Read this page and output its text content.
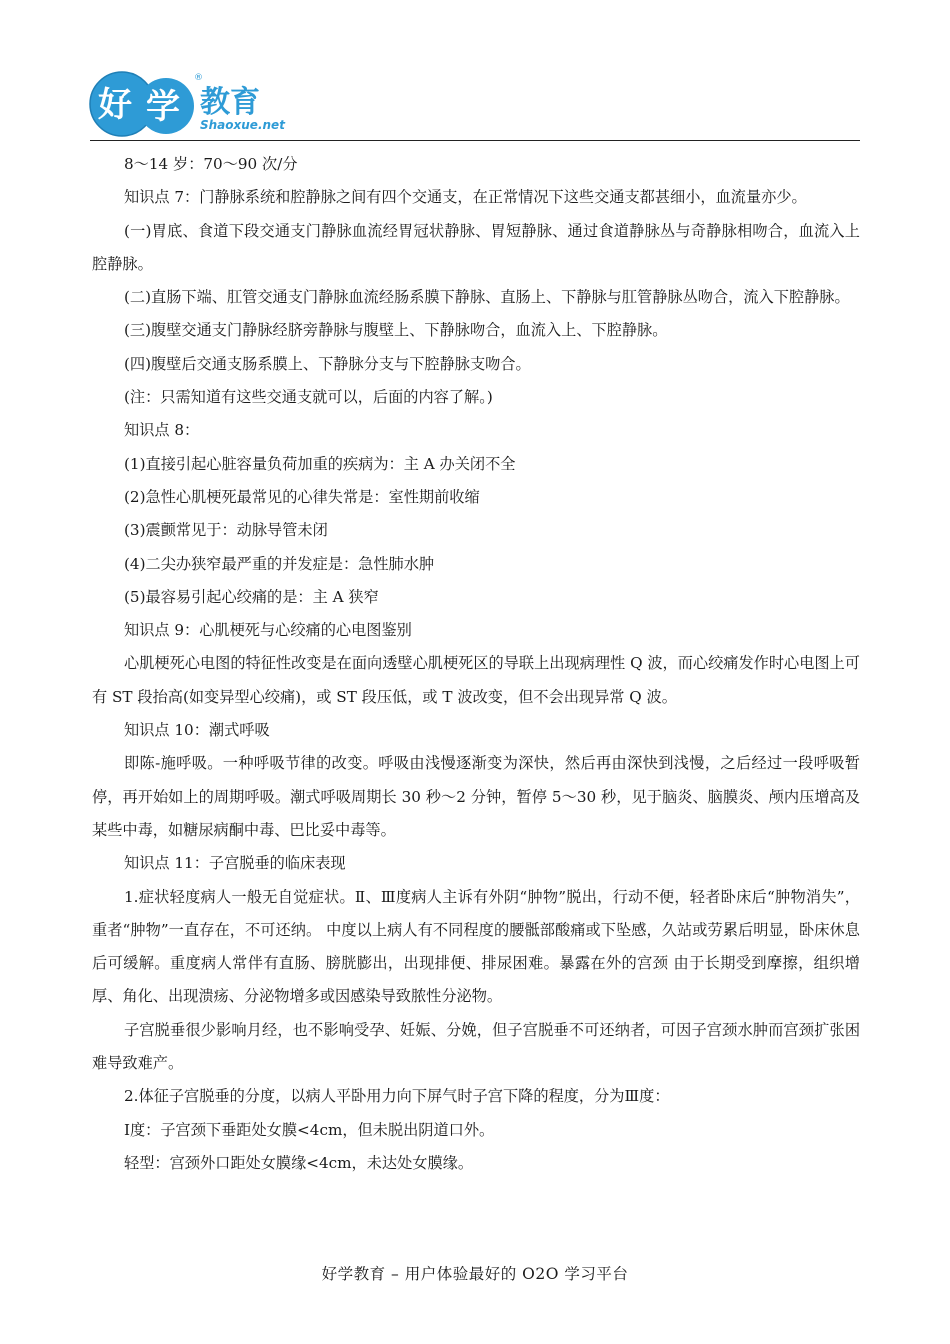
好 学 教育
Shaoxue.net
®

8～14 岁：70～90 次/分

知识点 7：门静脉系统和腔静脉之间有四个交通支，在正常情况下这些交通支都甚细小，血流量亦少。

(一)胃底、食道下段交通支门静脉血流经胃冠状静脉、胃短静脉、通过食道静脉丛与奇静脉相吻合，血流入上腔静脉。

(二)直肠下端、肛管交通支门静脉血流经肠系膜下静脉、直肠上、下静脉与肛管静脉丛吻合，流入下腔静脉。

(三)腹壁交通支门静脉经脐旁静脉与腹壁上、下静脉吻合，血流入上、下腔静脉。

(四)腹壁后交通支肠系膜上、下静脉分支与下腔静脉支吻合。

(注：只需知道有这些交通支就可以，后面的内容了解。)

知识点 8：

(1)直接引起心脏容量负荷加重的疾病为：主 A 办关闭不全

(2)急性心肌梗死最常见的心律失常是：室性期前收缩

(3)震颤常见于：动脉导管未闭

(4)二尖办狭窄最严重的并发症是：急性肺水肿

(5)最容易引起心绞痛的是：主 A 狭窄

知识点 9：心肌梗死与心绞痛的心电图鉴别

心肌梗死心电图的特征性改变是在面向透壁心肌梗死区的导联上出现病理性 Q 波，而心绞痛发作时心电图上可有 ST 段抬高(如变异型心绞痛)，或 ST 段压低，或 T 波改变，但不会出现异常 Q 波。

知识点 10：潮式呼吸

即陈-施呼吸。一种呼吸节律的改变。呼吸由浅慢逐渐变为深快，然后再由深快到浅慢，之后经过一段呼吸暂停，再开始如上的周期呼吸。潮式呼吸周期长 30 秒～2 分钟，暂停 5～30 秒，见于脑炎、脑膜炎、颅内压增高及某些中毒，如糖尿病酮中毒、巴比妥中毒等。

知识点 11：子宫脱垂的临床表现

1.症状轻度病人一般无自觉症状。Ⅱ、Ⅲ度病人主诉有外阴“肿物”脱出，行动不便，轻者卧床后“肿物消失”，重者“肿物”一直存在，不可还纳。 中度以上病人有不同程度的腰骶部酸痛或下坠感，久站或劳累后明显，卧床休息后可缓解。重度病人常伴有直肠、膀胱膨出，出现排便、排尿困难。暴露在外的宫颈 由于长期受到摩擦，组织增厚、角化、出现溃疡、分泌物增多或因感染导致脓性分泌物。

子宫脱垂很少影响月经，也不影响受孕、妊娠、分娩，但子宫脱垂不可还纳者，可因子宫颈水肿而宫颈扩张困难导致难产。

2.体征子宫脱垂的分度，以病人平卧用力向下屏气时子宫下降的程度，分为Ⅲ度：

Ⅰ度：子宫颈下垂距处女膜<4cm，但未脱出阴道口外。

轻型：宫颈外口距处女膜缘<4cm，未达处女膜缘。

好学教育 – 用户体验最好的 O2O 学习平台
